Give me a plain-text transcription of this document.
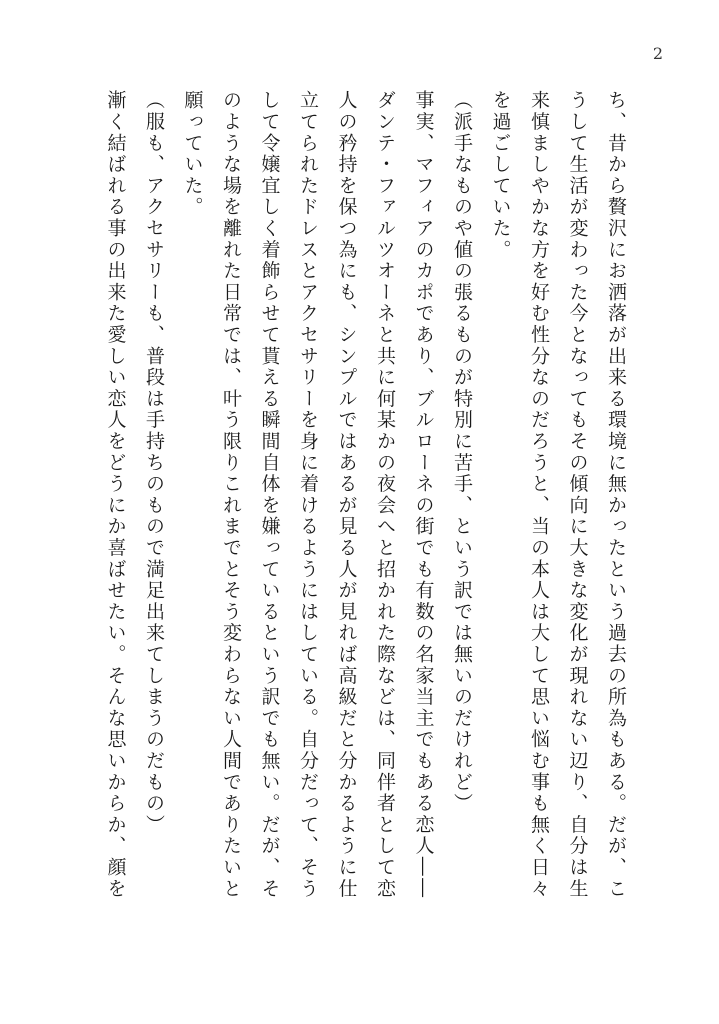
2

ち、昔から贅沢にお洒落が出来る環境に無かったという過去の所為もある。だが、こ

うして生活が変わった今となってもその傾向に大きな変化が現れない辺り、自分は生

来慎ましやかな方を好む性分なのだろうと、当の本人は大して思い悩む事も無く日々

を過ごしていた。

（派手なものや値の張るものが特別に苦手、という訳では無いのだけれど）

事実、マフィアのカポであり、ブルローネの街でも有数の名家当主でもある恋人――

ダンテ・ファルツオーネと共に何某かの夜会へと招かれた際などは、同伴者として恋

人の矜持を保つ為にも、シンプルではあるが見る人が見れば高級だと分かるように仕

立てられたドレスとアクセサリーを身に着けるようにはしている。自分だって、そう

して令嬢宜しく着飾らせて貰える瞬間自体を嫌っているという訳でも無い。だが、そ

のような場を離れた日常では、叶う限りこれまでとそう変わらない人間でありたいと

願っていた。

（服も、アクセサリーも、普段は手持ちのもので満足出来てしまうのだもの）

漸く結ばれる事の出来た愛しい恋人をどうにか喜ばせたい。そんな思いからか、顔を
